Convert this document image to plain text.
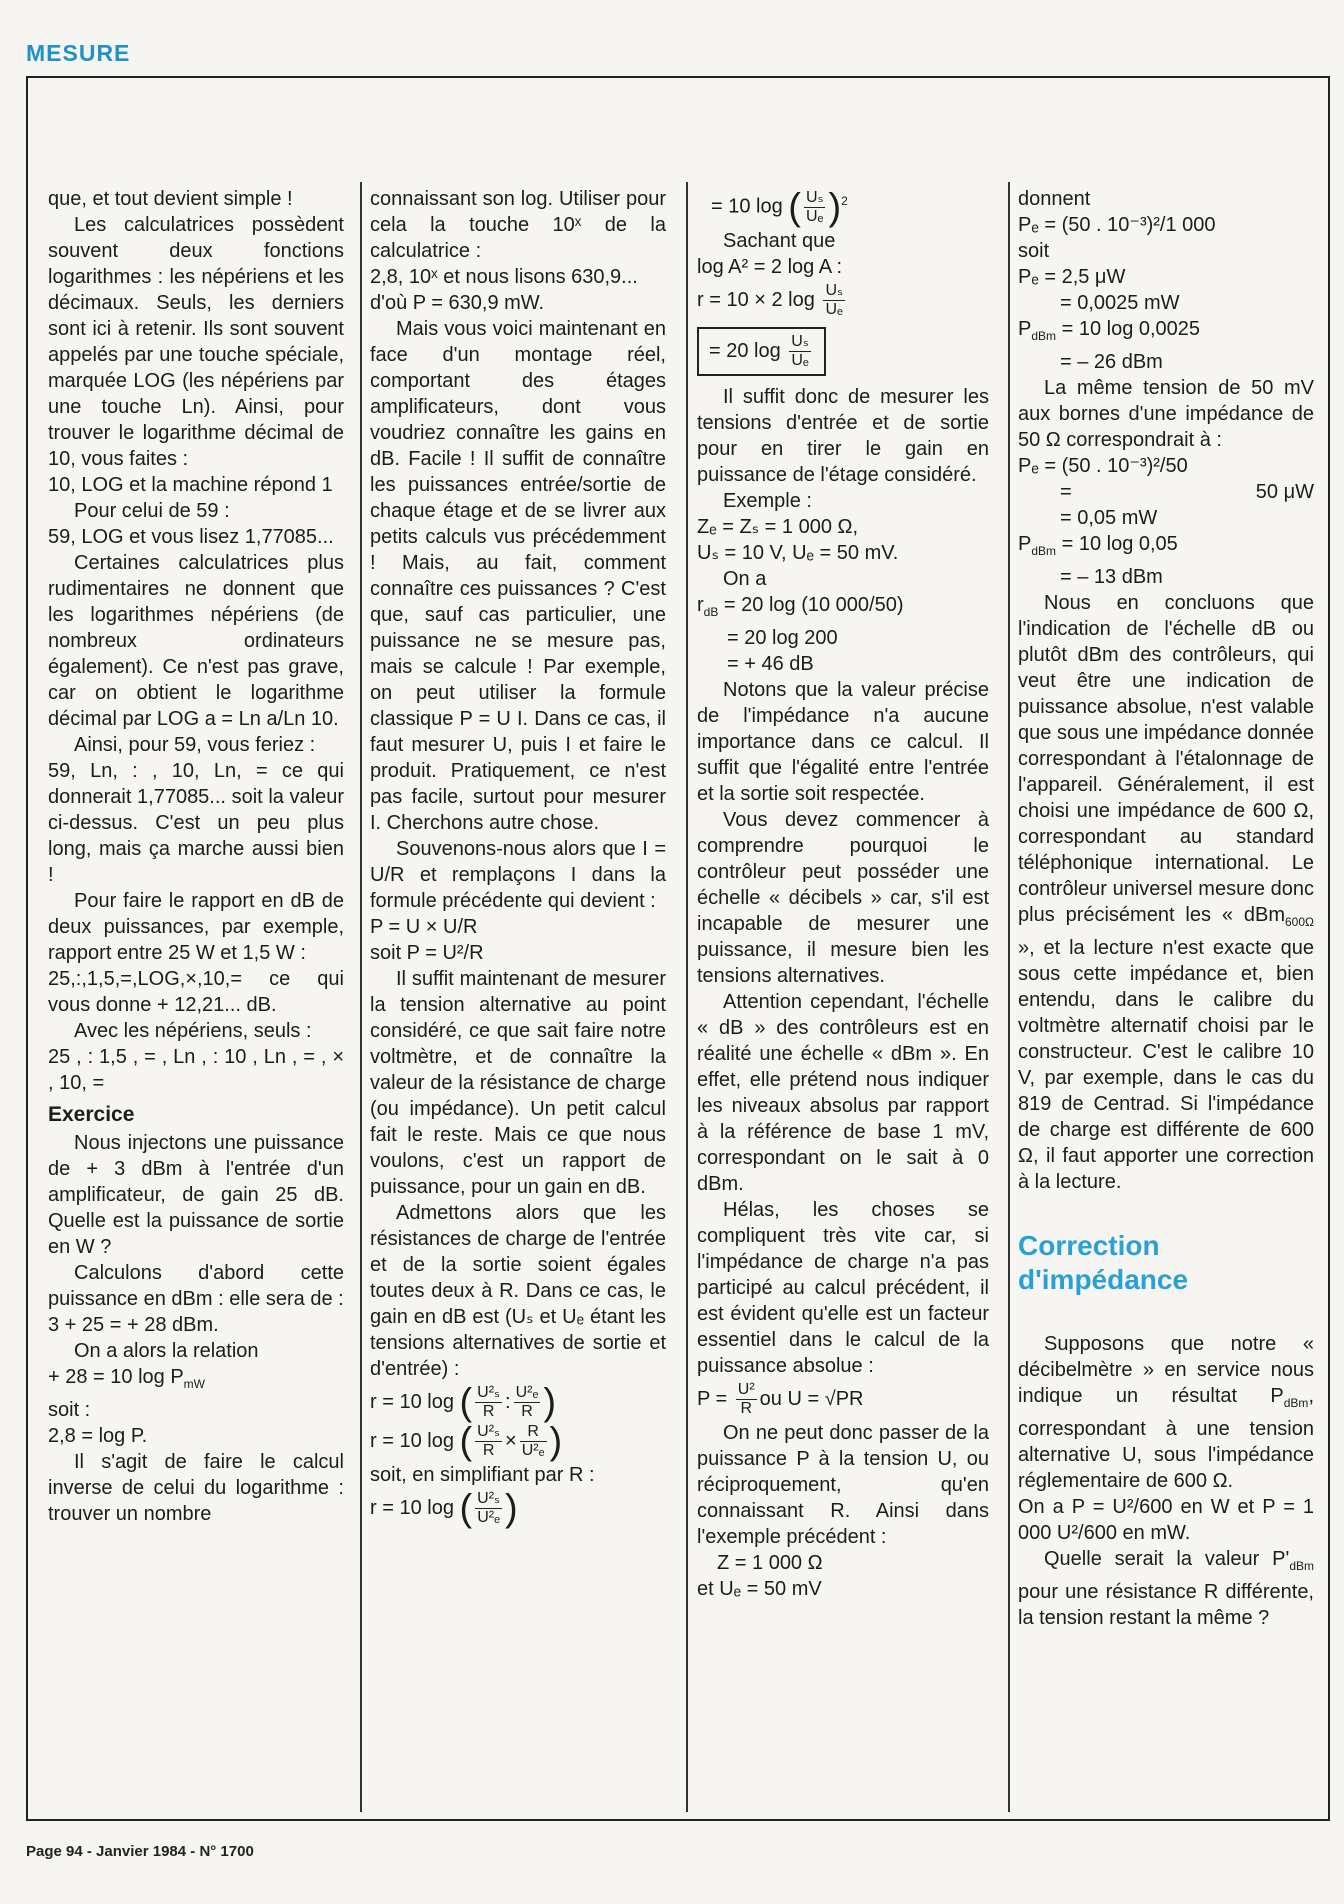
MESURE

que, et tout devient simple !

Les calculatrices possèdent souvent deux fonctions logarithmes : les népériens et les décimaux. Seuls, les derniers sont ici à retenir. Ils sont souvent appelés par une touche spéciale, marquée LOG (les népériens par une touche Ln). Ainsi, pour trouver le logarithme décimal de 10, vous faites :

10, LOG et la machine répond 1

Pour celui de 59 :

59, LOG et vous lisez 1,77085...

Certaines calculatrices plus rudimentaires ne donnent que les logarithmes népériens (de nombreux ordinateurs également). Ce n'est pas grave, car on obtient le logarithme décimal par LOG a = Ln a/Ln 10.

Ainsi, pour 59, vous feriez :

59, Ln, : , 10, Ln, = ce qui donnerait 1,77085... soit la valeur ci-dessus. C'est un peu plus long, mais ça marche aussi bien !

Pour faire le rapport en dB de deux puissances, par exemple, rapport entre 25 W et 1,5 W :

25,:,1,5,=,LOG,×,10,= ce qui vous donne + 12,21... dB.

Avec les népériens, seuls :

25 , : 1,5 , = , Ln , : 10 , Ln , = , × , 10, =

Exercice

Nous injectons une puissance de + 3 dBm à l'entrée d'un amplificateur, de gain 25 dB. Quelle est la puissance de sortie en W ?

Calculons d'abord cette puissance en dBm : elle sera de :

3 + 25 = + 28 dBm.

On a alors la relation

+ 28 = 10 $\log P_{mW}$

soit :

2,8 = log P.

Il s'agit de faire le calcul inverse de celui du logarithme : trouver un nombre

connaissant son log. Utiliser pour cela la touche 10ˣ de la calculatrice :

2,8, 10ˣ et nous lisons 630,9...

d'où P = 630,9 mW.

Mais vous voici maintenant en face d'un montage réel, comportant des étages amplificateurs, dont vous voudriez connaître les gains en dB. Facile ! Il suffit de connaître les puissances entrée/sortie de chaque étage et de se livrer aux petits calculs vus précédemment ! Mais, au fait, comment connaître ces puissances ? C'est que, sauf cas particulier, une puissance ne se mesure pas, mais se calcule ! Par exemple, on peut utiliser la formule classique P = U I. Dans ce cas, il faut mesurer U, puis I et faire le produit. Pratiquement, ce n'est pas facile, surtout pour mesurer I. Cherchons autre chose.

Souvenons-nous alors que I = U/R et remplaçons I dans la formule précédente qui devient :

P = U × U/R

soit P = U²/R

Il suffit maintenant de mesurer la tension alternative au point considéré, ce que sait faire notre voltmètre, et de connaître la valeur de la résistance de charge (ou impédance). Un petit calcul fait le reste. Mais ce que nous voulons, c'est un rapport de puissance, pour un gain en dB.

Admettons alors que les résistances de charge de l'entrée et de la sortie soient égales toutes deux à R. Dans ce cas, le gain en dB est (Uₛ et Uₑ étant les tensions alternatives de sortie et d'entrée) :

r = 10 log ( $\frac{\text{U²ₛ}}{R}$ : $\frac{\text{U²ₑ}}{R}$ )
r = 10 log ( $\frac{\text{U²ₛ}}{R} \times \frac{R}{\text{U²ₑ}}$ )

soit, en simplifiant par R :

r = 10 log ( $\frac{\text{U²ₛ}}{\text{U²ₑ}}$ )
= 10 log ( $\frac{\text{Uₛ}}{\text{Uₑ}} )^2$

Sachant que

log A² = 2 log A :

r = 10 × 2 $\log \frac{\text{Uₛ}}{\text{Uₑ}}$
= 20 $\log \frac{\text{Uₛ}}{\text{Uₑ}}$

Il suffit donc de mesurer les tensions d'entrée et de sortie pour en tirer le gain en puissance de l'étage considéré.

Exemple :

Zₑ = Zₛ = 1 000 Ω,

Uₛ = 10 V, Uₑ = 50 mV.

On a

$r_{dB} = 20$ log (10 000/50)

= 20 log 200

= + 46 dB

Notons que la valeur précise de l'impédance n'a aucune importance dans ce calcul. Il suffit que l'égalité entre l'entrée et la sortie soit respectée.

Vous devez commencer à comprendre pourquoi le contrôleur peut posséder une échelle « décibels » car, s'il est incapable de mesurer une puissance, il mesure bien les tensions alternatives.

Attention cependant, l'échelle « dB » des contrôleurs est en réalité une échelle « dBm ». En effet, elle prétend nous indiquer les niveaux absolus par rapport à la référence de base 1 mV, correspondant on le sait à 0 dBm.

Hélas, les choses se compliquent très vite car, si l'impédance de charge n'a pas participé au calcul précédent, il est évident qu'elle est un facteur essentiel dans le calcul de la puissance absolue :

$P = \frac{\text{U²}}{R}$ ou U = √PR

On ne peut donc passer de la puissance P à la tension U, ou réciproquement, qu'en connaissant R. Ainsi dans l'exemple précédent :

Z = 1 000 Ω

et Uₑ = 50 mV

donnent

Pₑ = (50 . 10⁻³)²/1 000

soit

Pₑ = 2,5 μW

= 0,0025 mW

$P_{dBm} = 10$ log 0,0025

= – 26 dBm

La même tension de 50 mV aux bornes d'une impédance de 50 Ω correspondrait à :

Pₑ = (50 . 10⁻³)²/50

=	50 μW

= 0,05 mW

$P_{dBm} = 10$ log 0,05

= – 13 dBm

Nous en concluons que l'indication de l'échelle dB ou plutôt dBm des contrôleurs, qui veut être une indication de puissance absolue, n'est valable que sous une impédance donnée correspondant à l'étalonnage de l'appareil. Généralement, il est choisi une impédance de 600 Ω, correspondant au standard téléphonique international. Le contrôleur universel mesure donc plus précisément les « dBm$_{600\Omega}$ », et la lecture n'est exacte que sous cette impédance et, bien entendu, dans le calibre du voltmètre alternatif choisi par le constructeur. C'est le calibre 10 V, par exemple, dans le cas du 819 de Centrad. Si l'impédance de charge est différente de 600 Ω, il faut apporter une correction à la lecture.

Correction d'impédance

Supposons que notre « décibelmètre » en service nous indique un résultat $P_{dBm}$, correspondant à une tension alternative U, sous l'impédance réglementaire de 600 Ω.

On a P = U²/600 en W et P = 1 000 U²/600 en mW.

Quelle serait la valeur $P'_{dBm}$ pour une résistance R différente, la tension restant la même ?

Page 94 - Janvier 1984 - N° 1700
